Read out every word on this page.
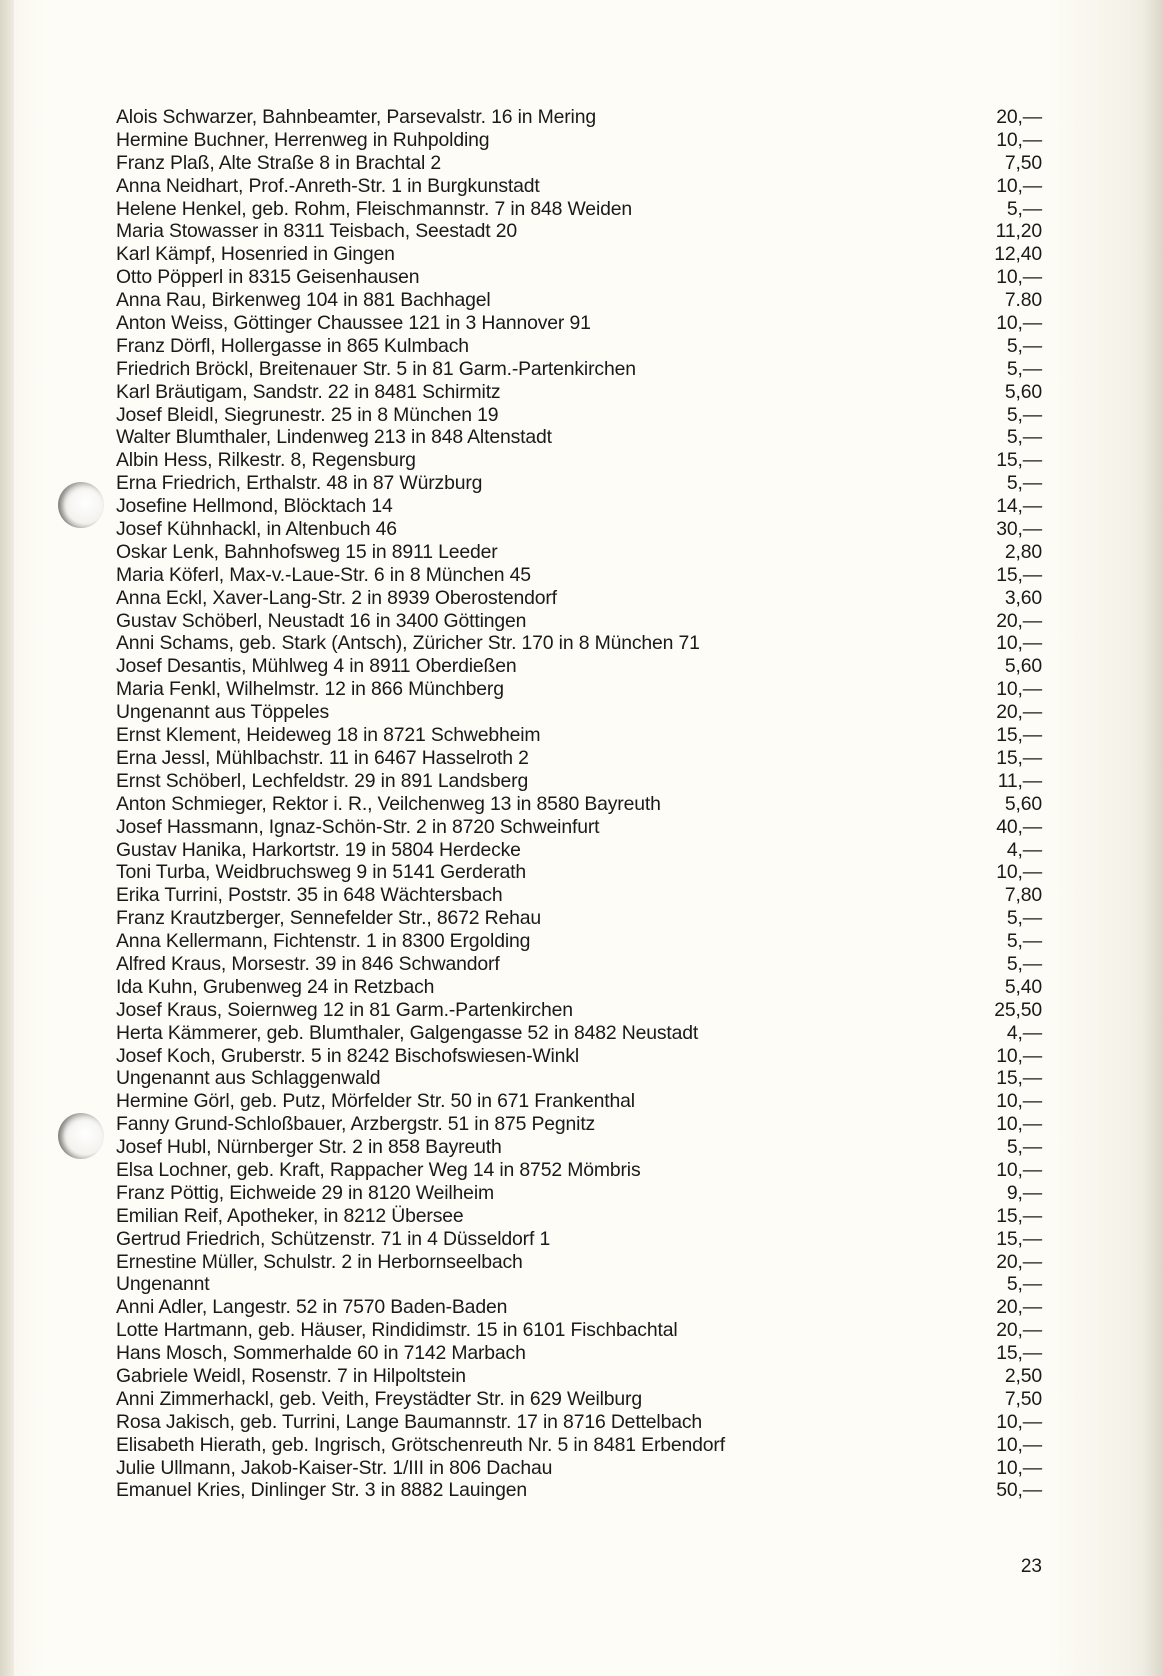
Alois Schwarzer, Bahnbeamter, Parsevalstr. 16 in Mering	20,—
Hermine Buchner, Herrenweg in Ruhpolding	10,—
Franz Plaß, Alte Straße 8 in Brachtal 2	7,50
Anna Neidhart, Prof.-Anreth-Str. 1 in Burgkunstadt	10,—
Helene Henkel, geb. Rohm, Fleischmannstr. 7 in 848 Weiden	5,—
Maria Stowasser in 8311 Teisbach, Seestadt 20	11,20
Karl Kämpf, Hosenried in Gingen	12,40
Otto Pöpperl in 8315 Geisenhausen	10,—
Anna Rau, Birkenweg 104 in 881 Bachhagel	7.80
Anton Weiss, Göttinger Chaussee 121 in 3 Hannover 91	10,—
Franz Dörfl, Hollergasse in 865 Kulmbach	5,—
Friedrich Bröckl, Breitenauer Str. 5 in 81 Garm.-Partenkirchen	5,—
Karl Bräutigam, Sandstr. 22 in 8481 Schirmitz	5,60
Josef Bleidl, Siegrunestr. 25 in 8 München 19	5,—
Walter Blumthaler, Lindenweg 213 in 848 Altenstadt	5,—
Albin Hess, Rilkestr. 8, Regensburg	15,—
Erna Friedrich, Erthalstr. 48 in 87 Würzburg	5,—
Josefine Hellmond, Blöcktach 14	14,—
Josef Kühnhackl, in Altenbuch 46	30,—
Oskar Lenk, Bahnhofsweg 15 in 8911 Leeder	2,80
Maria Köferl, Max-v.-Laue-Str. 6 in 8 München 45	15,—
Anna Eckl, Xaver-Lang-Str. 2 in 8939 Oberostendorf	3,60
Gustav Schöberl, Neustadt 16 in 3400 Göttingen	20,—
Anni Schams, geb. Stark (Antsch), Züricher Str. 170 in 8 München 71	10,—
Josef Desantis, Mühlweg 4 in 8911 Oberdießen	5,60
Maria Fenkl, Wilhelmstr. 12 in 866 Münchberg	10,—
Ungenannt aus Töppeles	20,—
Ernst Klement, Heideweg 18 in 8721 Schwebheim	15,—
Erna Jessl, Mühlbachstr. 11 in 6467 Hasselroth 2	15,—
Ernst Schöberl, Lechfeldstr. 29 in 891 Landsberg	11,—
Anton Schmieger, Rektor i. R., Veilchenweg 13 in 8580 Bayreuth	5,60
Josef Hassmann, Ignaz-Schön-Str. 2 in 8720 Schweinfurt	40,—
Gustav Hanika, Harkortstr. 19 in 5804 Herdecke	4,—
Toni Turba, Weidbruchsweg 9 in 5141 Gerderath	10,—
Erika Turrini, Poststr. 35 in 648 Wächtersbach	7,80
Franz Krautzberger, Sennefelder Str., 8672 Rehau	5,—
Anna Kellermann, Fichtenstr. 1 in 8300 Ergolding	5,—
Alfred Kraus, Morsestr. 39 in 846 Schwandorf	5,—
Ida Kuhn, Grubenweg 24 in Retzbach	5,40
Josef Kraus, Soiernweg 12 in 81 Garm.-Partenkirchen	25,50
Herta Kämmerer, geb. Blumthaler, Galgengasse 52 in 8482 Neustadt	4,—
Josef Koch, Gruberstr. 5 in 8242 Bischofswiesen-Winkl	10,—
Ungenannt aus Schlaggenwald	15,—
Hermine Görl, geb. Putz, Mörfelder Str. 50 in 671 Frankenthal	10,—
Fanny Grund-Schloßbauer, Arzbergstr. 51 in 875 Pegnitz	10,—
Josef Hubl, Nürnberger Str. 2 in 858 Bayreuth	5,—
Elsa Lochner, geb. Kraft, Rappacher Weg 14 in 8752 Mömbris	10,—
Franz Pöttig, Eichweide 29 in 8120 Weilheim	9,—
Emilian Reif, Apotheker, in 8212 Übersee	15,—
Gertrud Friedrich, Schützenstr. 71 in 4 Düsseldorf 1	15,—
Ernestine Müller, Schulstr. 2 in Herbornseelbach	20,—
Ungenannt	5,—
Anni Adler, Langestr. 52 in 7570 Baden-Baden	20,—
Lotte Hartmann, geb. Häuser, Rindidimstr. 15 in 6101 Fischbachtal	20,—
Hans Mosch, Sommerhalde 60 in 7142 Marbach	15,—
Gabriele Weidl, Rosenstr. 7 in Hilpoltstein	2,50
Anni Zimmerhackl, geb. Veith, Freystädter Str. in 629 Weilburg	7,50
Rosa Jakisch, geb. Turrini, Lange Baumannstr. 17 in 8716 Dettelbach	10,—
Elisabeth Hierath, geb. Ingrisch, Grötschenreuth Nr. 5 in 8481 Erbendorf	10,—
Julie Ullmann, Jakob-Kaiser-Str. 1/III in 806 Dachau	10,—
Emanuel Kries, Dinlinger Str. 3 in 8882 Lauingen	50,—
23
